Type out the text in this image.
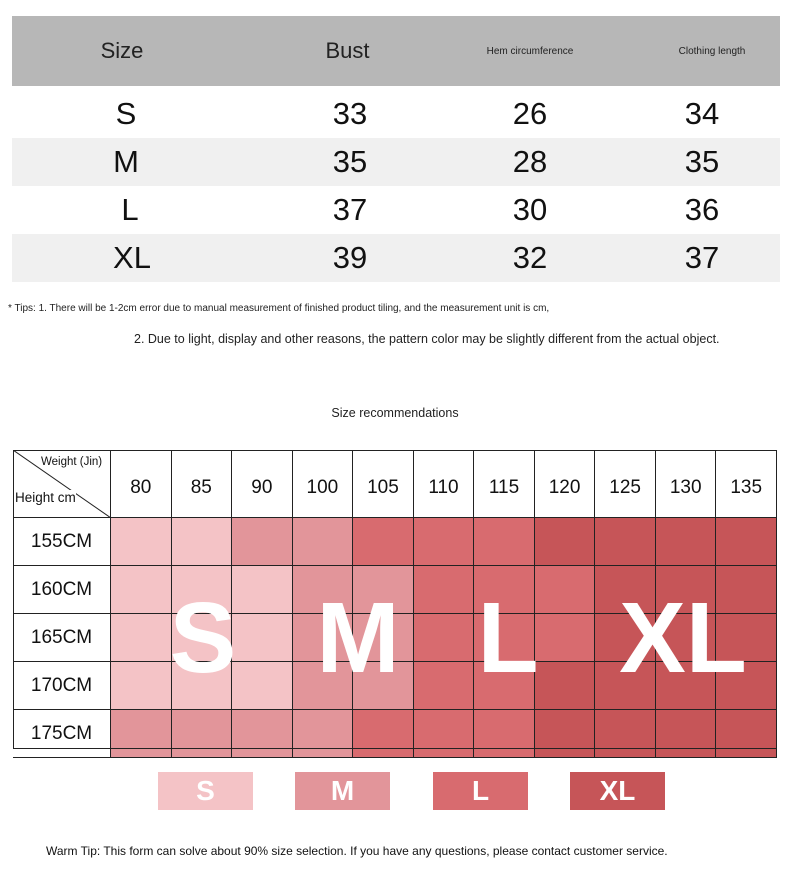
Size	Bust	Hem circumference	Clothing length
S	33	26	34
M	35	28	35
L	37	30	36
XL	39	32	37
* Tips: 1. There will be 1-2cm error due to manual measurement of finished product tiling, and the measurement unit is cm,
2. Due to light, display and other reasons, the pattern color may be slightly different from the actual object.
Size recommendations
Weight (Jin)
Height cm	80	85	90	100	105	110	115	120	125	130	135
155CM
160CM
165CM
170CM
175CM
S M L XL
S	M	L	XL
Warm Tip: This form can solve about 90% size selection. If you have any questions, please contact customer service.
